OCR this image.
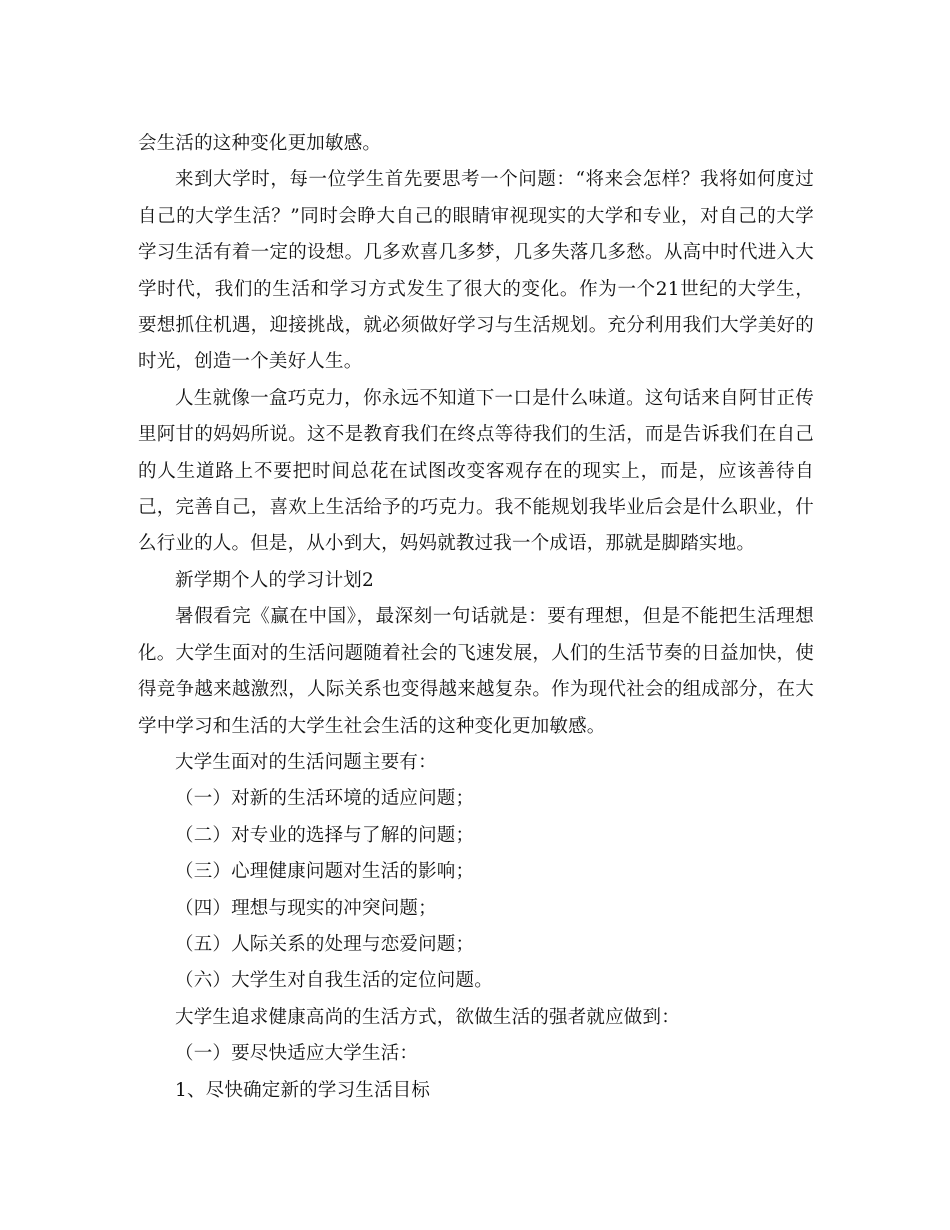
会生活的这种变化更加敏感。

来到大学时，每一位学生首先要思考一个问题：“将来会怎样？我将如何度过自己的大学生活？”同时会睁大自己的眼睛审视现实的大学和专业，对自己的大学学习生活有着一定的设想。几多欢喜几多梦，几多失落几多愁。从高中时代进入大学时代，我们的生活和学习方式发生了很大的变化。作为一个21世纪的大学生，要想抓住机遇，迎接挑战，就必须做好学习与生活规划。充分利用我们大学美好的时光，创造一个美好人生。

人生就像一盒巧克力，你永远不知道下一口是什么味道。这句话来自阿甘正传里阿甘的妈妈所说。这不是教育我们在终点等待我们的生活，而是告诉我们在自己的人生道路上不要把时间总花在试图改变客观存在的现实上，而是，应该善待自己，完善自己，喜欢上生活给予的巧克力。我不能规划我毕业后会是什么职业，什么行业的人。但是，从小到大，妈妈就教过我一个成语，那就是脚踏实地。

新学期个人的学习计划2

暑假看完《赢在中国》，最深刻一句话就是：要有理想，但是不能把生活理想化。大学生面对的生活问题随着社会的飞速发展，人们的生活节奏的日益加快，使得竞争越来越激烈，人际关系也变得越来越复杂。作为现代社会的组成部分，在大学中学习和生活的大学生社会生活的这种变化更加敏感。

大学生面对的生活问题主要有：

（一）对新的生活环境的适应问题；

（二）对专业的选择与了解的问题；

（三）心理健康问题对生活的影响；

（四）理想与现实的冲突问题；

（五）人际关系的处理与恋爱问题；

（六）大学生对自我生活的定位问题。

大学生追求健康高尚的生活方式，欲做生活的强者就应做到：

（一）要尽快适应大学生活：

1、尽快确定新的学习生活目标
